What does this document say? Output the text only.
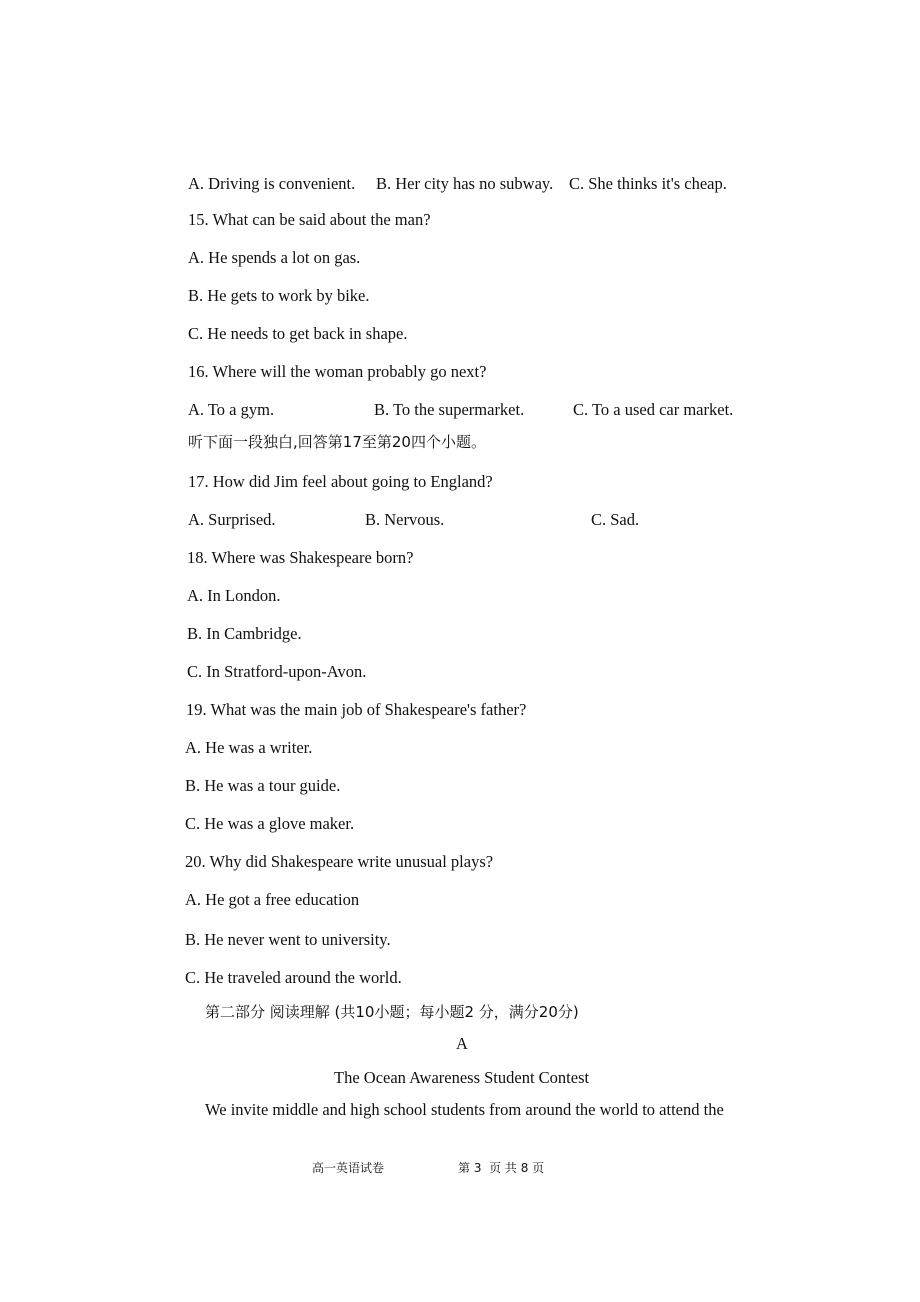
A. Driving is convenient. B. Her city has no subway. C. She thinks it's cheap.
15. What can be said about the man?
A. He spends a lot on gas.
B. He gets to work by bike.
C. He needs to get back in shape.
16. Where will the woman probably go next?
A. To a gym.	B. To the supermarket.	C. To a used car market.
听下面一段独白,回答第17至第20四个小题。
17. How did Jim feel about going to England?
A. Surprised.	B. Nervous.	C. Sad.
18. Where was Shakespeare born?
A. In London.
B. In Cambridge.
C. In Stratford-upon-Avon.
19. What was the main job of Shakespeare's father?
A. He was a writer.
B. He was a tour guide.
C. He was a glove maker.
20. Why did Shakespeare write unusual plays?
A. He got a free education
B. He never went to university.
C. He traveled around the world.
第二部分 阅读理解 (共10小题；每小题2 分，满分20分)
A
The Ocean Awareness Student Contest
We invite middle and high school students from around the world to attend the
高一英语试卷	第 3  页 共 8 页
